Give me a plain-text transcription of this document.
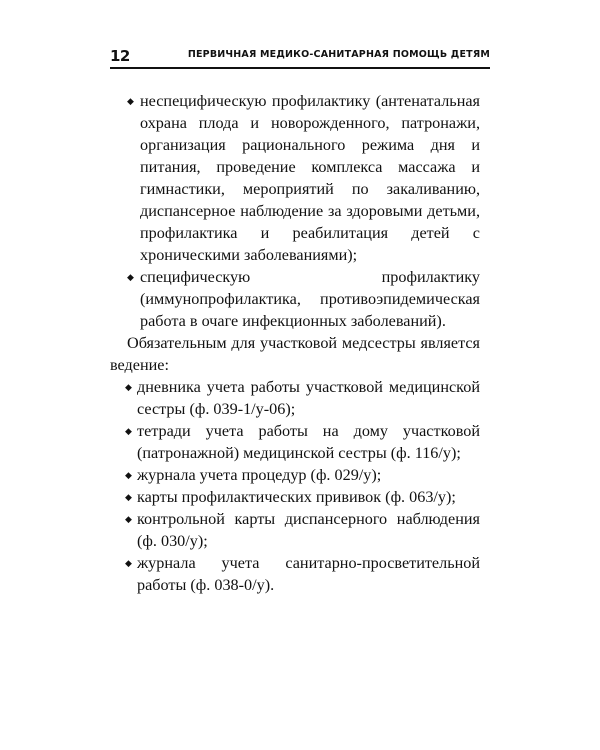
12	ПЕРВИЧНАЯ МЕДИКО-САНИТАРНАЯ ПОМОЩЬ ДЕТЯМ
◆ неспецифическую профилактику (антенатальная охрана плода и новорожденного, патронажи, организация рационального режима дня и питания, проведение комплекса массажа и гимнастики, мероприятий по закаливанию, диспансерное наблюдение за здоровыми детьми, профилактика и реабилитация детей с хроническими заболеваниями);
◆ специфическую профилактику (иммунопрофилактика, противоэпидемическая работа в очаге инфекционных заболеваний).

Обязательным для участковой медсестры является ведение:

◆ дневника учета работы участковой медицинской сестры (ф. 039-1/у-06);
◆ тетради учета работы на дому участковой (патронажной) медицинской сестры (ф. 116/у);
◆ журнала учета процедур (ф. 029/у);
◆ карты профилактических прививок (ф. 063/у);
◆ контрольной карты диспансерного наблюдения (ф. 030/у);
◆ журнала учета санитарно-просветительной работы (ф. 038-0/у).
